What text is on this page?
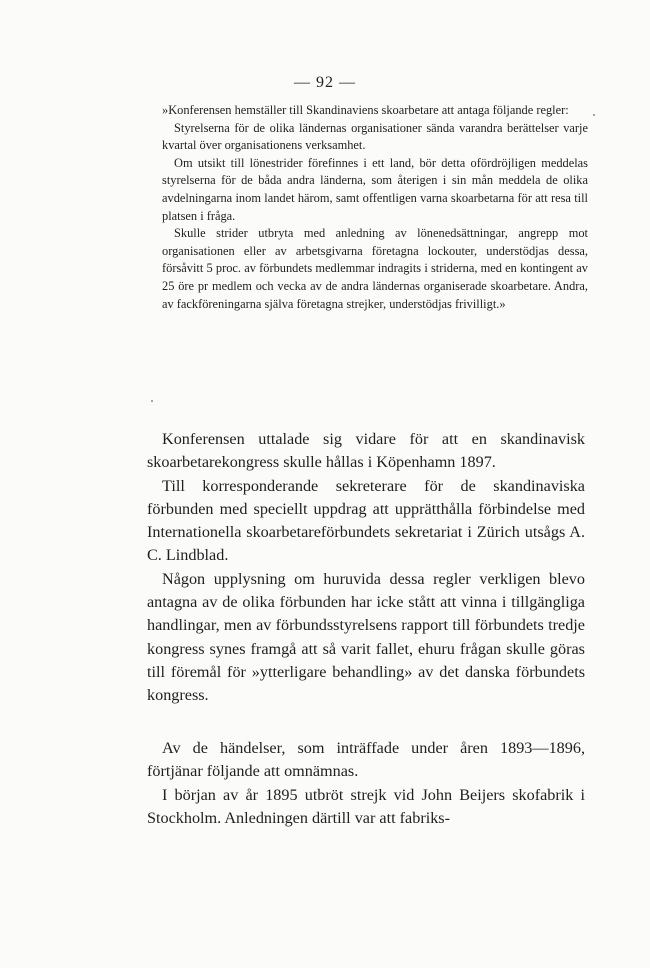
— 92 —

»Konferensen hemställer till Skandinaviens skoarbetare att antaga följande regler:

Styrelserna för de olika ländernas organisationer sända varandra berättelser varje kvartal över organisationens verksamhet.

Om utsikt till lönestrider förefinnes i ett land, bör detta ofördröjligen meddelas styrelserna för de båda andra länderna, som återigen i sin mån meddela de olika avdelningarna inom landet härom, samt offentligen varna skoarbetarna för att resa till platsen i fråga.

Skulle strider utbryta med anledning av lönenedsättningar, angrepp mot organisationen eller av arbetsgivarna företagna lockouter, understödjas dessa, försåvitt 5 proc. av förbundets medlemmar indragits i striderna, med en kontingent av 25 öre pr medlem och vecka av de andra ländernas organiserade skoarbetare. Andra, av fackföreningarna själva företagna strejker, understödjas frivilligt.»

Konferensen uttalade sig vidare för att en skandinavisk skoarbetarekongress skulle hållas i Köpenhamn 1897.

Till korresponderande sekreterare för de skandinaviska förbunden med speciellt uppdrag att upprätthålla förbindelse med Internationella skoarbetareförbundets sekretariat i Zürich utsågs A. C. Lindblad.

Någon upplysning om huruvida dessa regler verkligen blevo antagna av de olika förbunden har icke stått att vinna i tillgängliga handlingar, men av förbundsstyrelsens rapport till förbundets tredje kongress synes framgå att så varit fallet, ehuru frågan skulle göras till föremål för »ytterligare behandling» av det danska förbundets kongress.

Av de händelser, som inträffade under åren 1893—1896, förtjänar följande att omnämnas.

I början av år 1895 utbröt strejk vid John Beijers skofabrik i Stockholm. Anledningen därtill var att fabriks-
